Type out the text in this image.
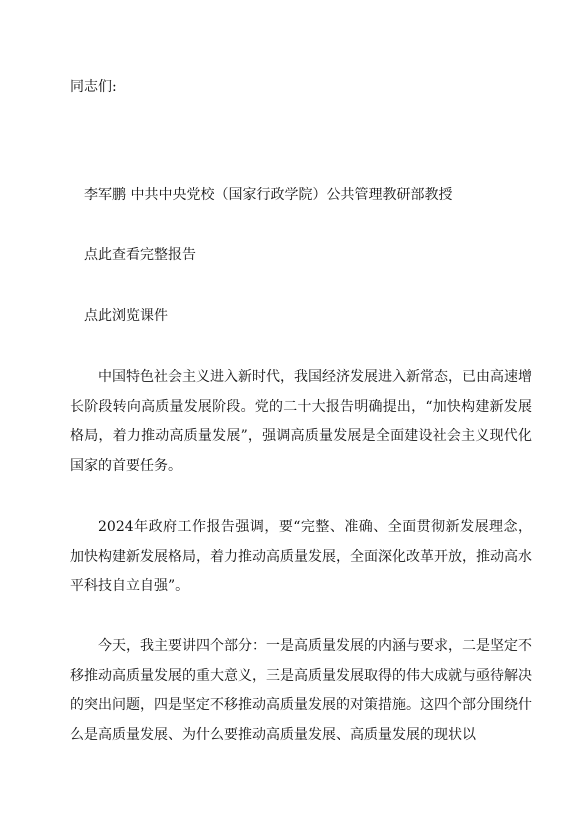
同志们:
李军鹏 中共中央党校（国家行政学院）公共管理教研部教授
点此查看完整报告
点此浏览课件
中国特色社会主义进入新时代，我国经济发展进入新常态，已由高速增长阶段转向高质量发展阶段。党的二十大报告明确提出，“加快构建新发展格局，着力推动高质量发展”，强调高质量发展是全面建设社会主义现代化国家的首要任务。
2024年政府工作报告强调，要“完整、准确、全面贯彻新发展理念，加快构建新发展格局，着力推动高质量发展，全面深化改革开放，推动高水平科技自立自强”。
今天，我主要讲四个部分：一是高质量发展的内涵与要求，二是坚定不移推动高质量发展的重大意义，三是高质量发展取得的伟大成就与亟待解决的突出问题，四是坚定不移推动高质量发展的对策措施。这四个部分围绕什么是高质量发展、为什么要推动高质量发展、高质量发展的现状以
